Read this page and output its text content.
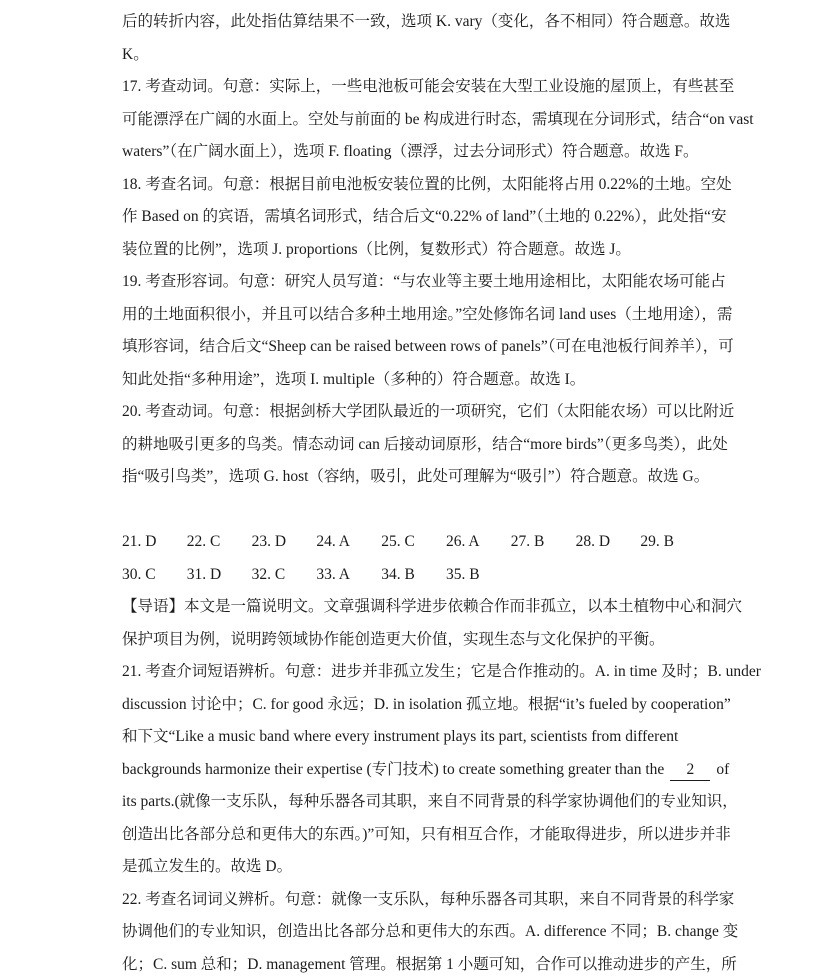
后的转折内容，此处指估算结果不一致，选项 K. vary（变化，各不相同）符合题意。故选
K。
17. 考查动词。句意：实际上，一些电池板可能会安装在大型工业设施的屋顶上，有些甚至
可能漂浮在广阔的水面上。空处与前面的 be 构成进行时态，需填现在分词形式，结合“on vast
waters”（在广阔水面上），选项 F. floating（漂浮，过去分词形式）符合题意。故选 F。
18. 考查名词。句意：根据目前电池板安装位置的比例，太阳能将占用 0.22%的土地。空处
作 Based on 的宾语，需填名词形式，结合后文“0.22% of land”（土地的 0.22%），此处指“安
装位置的比例”，选项 J. proportions（比例，复数形式）符合题意。故选 J。
19. 考查形容词。句意：研究人员写道：“与农业等主要土地用途相比，太阳能农场可能占
用的土地面积很小，并且可以结合多种土地用途。”空处修饰名词 land uses（土地用途），需
填形容词，结合后文“Sheep can be raised between rows of panels”（可在电池板行间养羊），可
知此处指“多种用途”，选项 I. multiple（多种的）符合题意。故选 I。
20. 考查动词。句意：根据剑桥大学团队最近的一项研究，它们（太阳能农场）可以比附近
的耕地吸引更多的鸟类。情态动词 can 后接动词原形，结合“more birds”（更多鸟类），此处
指“吸引鸟类”，选项 G. host（容纳，吸引，此处可理解为“吸引”）符合题意。故选 G。
21. D 22. C 23. D 24. A 25. C 26. A 27. B 28. D 29. B
30. C 31. D 32. C 33. A 34. B 35. B
【导语】本文是一篇说明文。文章强调科学进步依赖合作而非孤立，以本土植物中心和洞穴
保护项目为例，说明跨领域协作能创造更大价值，实现生态与文化保护的平衡。
21. 考查介词短语辨析。句意：进步并非孤立发生；它是合作推动的。A. in time 及时；B. under
discussion 讨论中；C. for good 永远；D. in isolation 孤立地。根据“it’s fueled by cooperation”
和下文“Like a music band where every instrument plays its part, scientists from different
backgrounds harmonize their expertise (专门技术) to create something greater than the 2 of
its parts.(就像一支乐队，每种乐器各司其职，来自不同背景的科学家协调他们的专业知识，
创造出比各部分总和更伟大的东西。)”可知，只有相互合作，才能取得进步，所以进步并非
是孤立发生的。故选 D。
22. 考查名词词义辨析。句意：就像一支乐队，每种乐器各司其职，来自不同背景的科学家
协调他们的专业知识，创造出比各部分总和更伟大的东西。A. difference 不同；B. change 变
化；C. sum 总和；D. management 管理。根据第 1 小题可知，合作可以推动进步的产生，所
